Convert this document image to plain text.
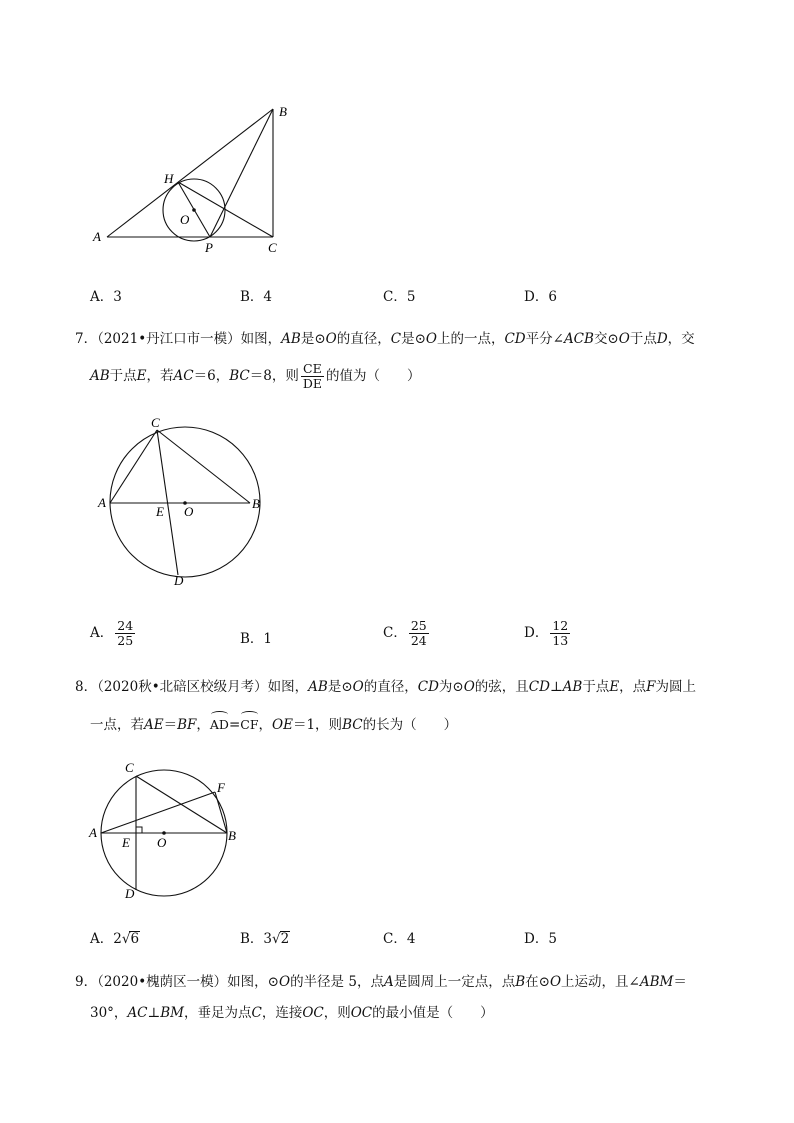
B
H
O
A
P	C
A．3	B．4	C．5	D．6
7．（2021•丹江口市一模）如图，AB是⊙O的直径，C是⊙O上的一点，CD平分∠ACB交⊙O于点D，交
AB于点E，若AC＝6，BC＝8，则 $\frac{CE}{DE}$ 的值为（　　）
C
A	B
E O
D
A． $\frac{24}{25}$	B．1	C． $\frac{25}{24}$	D． $\frac{12}{13}$
8．（2020秋•北碚区校级月考）如图，AB是⊙O的直径，CD为⊙O的弦，且CD⊥AB于点E，点F为圆上
一点，若AE＝BF，AD=CF，OE＝1，则BC的长为（　　）
C
F
A	B
E O
D
A．2√6	B．3√2	C．4	D．5
9．（2020•槐荫区一模）如图，⊙O的半径是 5，点A是圆周上一定点，点B在⊙O上运动，且∠ABM＝
30°，AC⊥BM，垂足为点C，连接OC，则OC的最小值是（　　）
